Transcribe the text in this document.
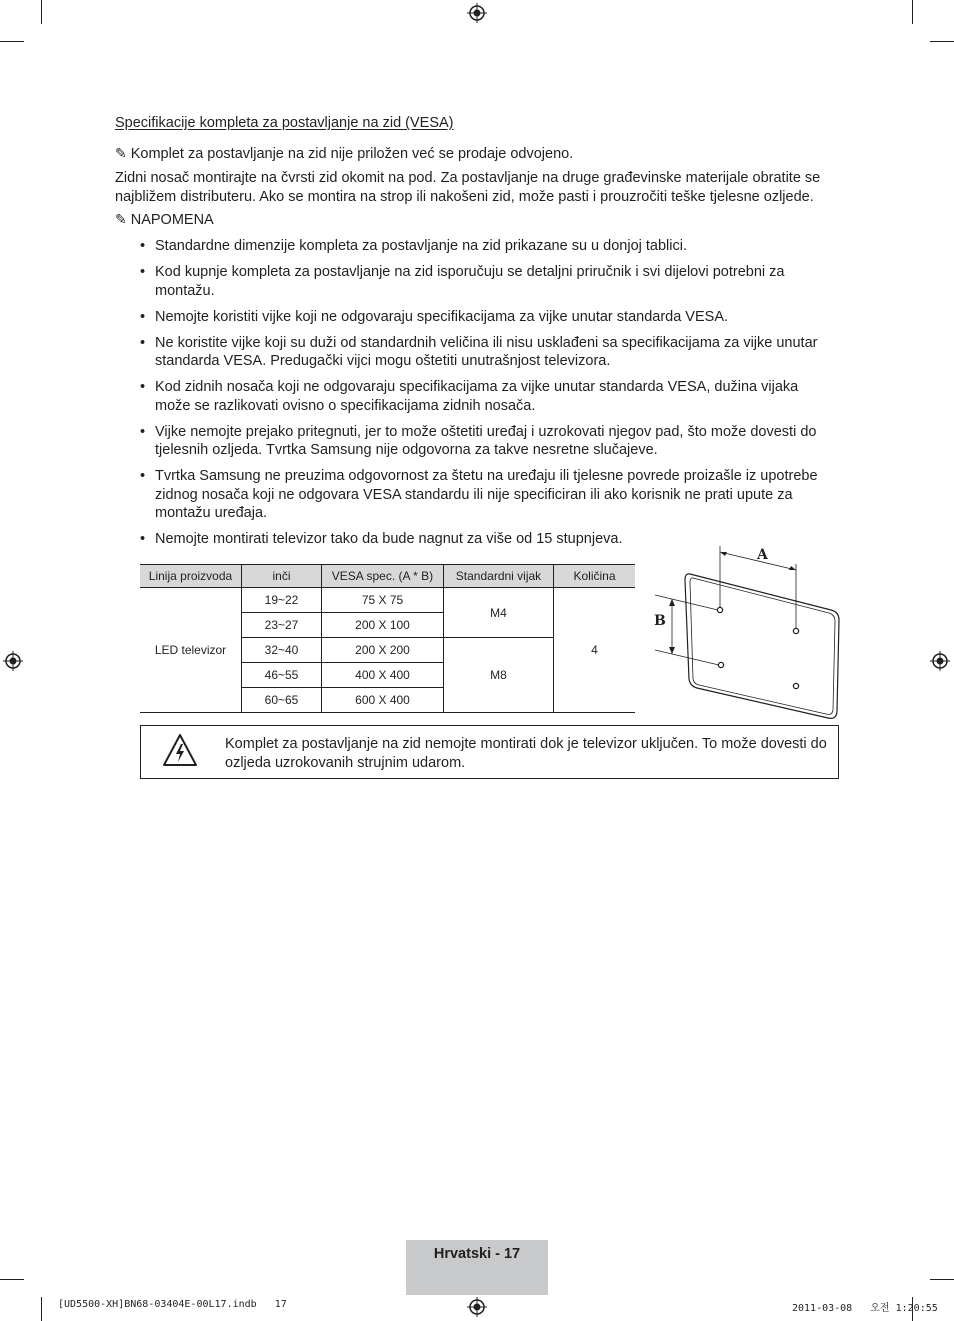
Specifikacije kompleta za postavljanje na zid (VESA)
✎ Komplet za postavljanje na zid nije priložen već se prodaje odvojeno.
Zidni nosač montirajte na čvrsti zid okomit na pod. Za postavljanje na druge građevinske materijale obratite se
najbližem distributeru. Ako se montira na strop ili nakošeni zid, može pasti i prouzročiti teške tjelesne ozljede.
✎ NAPOMENA
• Standardne dimenzije kompleta za postavljanje na zid prikazane su u donjoj tablici.
• Kod kupnje kompleta za postavljanje na zid isporučuju se detaljni priručnik i svi dijelovi potrebni za montažu.
• Nemojte koristiti vijke koji ne odgovaraju specifikacijama za vijke unutar standarda VESA.
• Ne koristite vijke koji su duži od standardnih veličina ili nisu usklađeni sa specifikacijama za vijke unutar standarda VESA. Predugački vijci mogu oštetiti unutrašnjost televizora.
• Kod zidnih nosača koji ne odgovaraju specifikacijama za vijke unutar standarda VESA, dužina vijaka može se razlikovati ovisno o specifikacijama zidnih nosača.
• Vijke nemojte prejako pritegnuti, jer to može oštetiti uređaj i uzrokovati njegov pad, što može dovesti do tjelesnih ozljeda. Tvrtka Samsung nije odgovorna za takve nesretne slučajeve.
• Tvrtka Samsung ne preuzima odgovornost za štetu na uređaju ili tjelesne povrede proizašle iz upotrebe zidnog nosača koji ne odgovara VESA standardu ili nije specificiran ili ako korisnik ne prati upute za montažu uređaja.
• Nemojte montirati televizor tako da bude nagnut za više od 15 stupnjeva.
Linija proizvoda	inči	VESA spec. (A * B)	Standardni vijak	Količina
LED televizor	19~22	75 X 75	M4	4
	23~27	200 X 100		
	32~40	200 X 200	M8	
	46~55	400 X 400		
	60~65	600 X 400		
A
B
Komplet za postavljanje na zid nemojte montirati dok je televizor uključen. To može dovesti do ozljeda uzrokovanih strujnim udarom.
Hrvatski - 17
[UD5500-XH]BN68-03404E-00L17.indb   17	2011-03-08   오전 1:20:55
